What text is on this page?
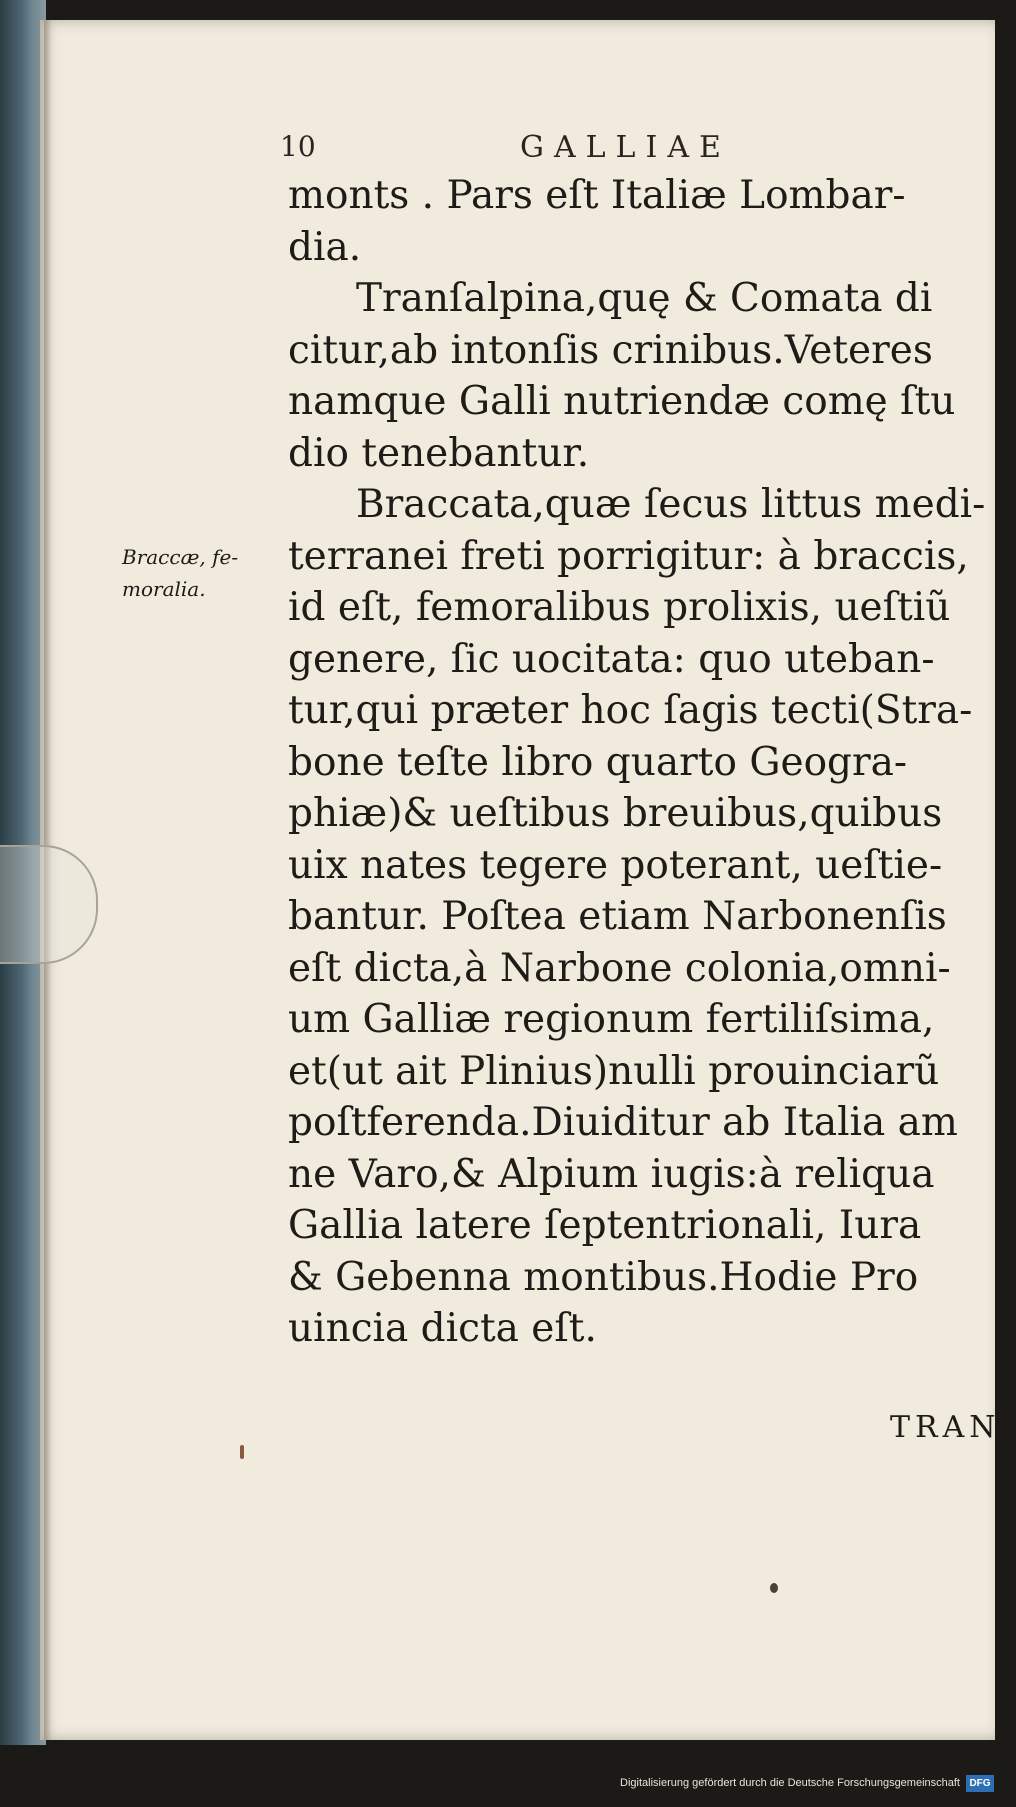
10	GALLIAE
Braccæ, fe-
moralia.
monts . Pars eſt Italiæ Lombar-
dia.
Tranſalpina,quę & Comata di
citur,ab intonſis crinibus.Veteres
namque Galli nutriendæ comę ſtu
dio tenebantur.
Braccata,quæ ſecus littus medi-
terranei freti porrigitur: à braccis,
id eſt, femoralibus prolixis, ueſtiũ
genere, ſic uocitata: quo uteban-
tur,qui præter hoc ſagis tecti(Stra-
bone teſte libro quarto Geogra-
phiæ)& ueſtibus breuibus,quibus
uix nates tegere poterant, ueſtie-
bantur. Poſtea etiam Narbonenſis
eſt dicta,à Narbone colonia,omni-
um Galliæ regionum fertiliſsima,
et(ut ait Plinius)nulli prouinciarũ
poſtferenda.Diuiditur ab Italia am
ne Varo,& Alpium iugis:à reliqua
Gallia latere ſeptentrionali, Iura
& Gebenna montibus.Hodie Pro
uincia dicta eſt.
TRAN-
Digitalisierung gefördert durch die Deutsche Forschungsgemeinschaft DFG
